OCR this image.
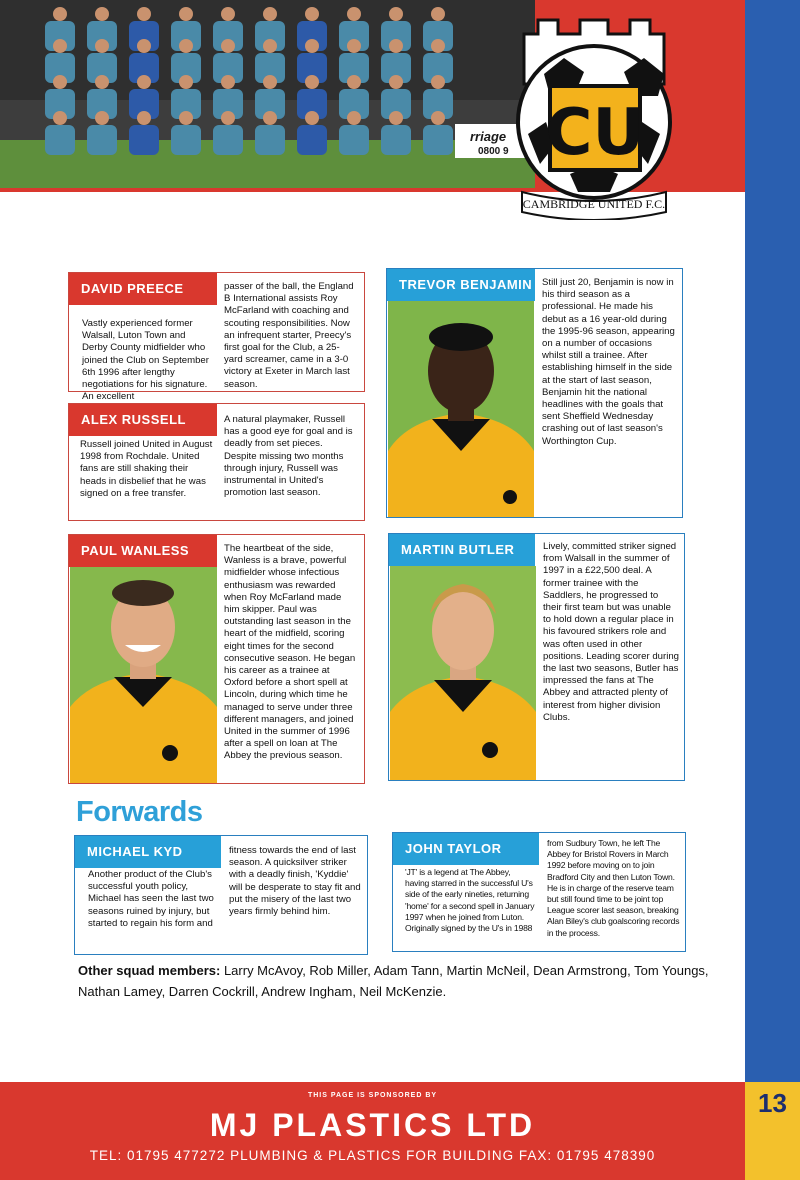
rriage
0800 9 CU
CAMBRIDGE UNITED F.C.
DAVID PREECE
Vastly experienced former Walsall, Luton Town and Derby County midfielder who joined the Club on September 6th 1996 after lengthy negotiations for his signature. An excellent
passer of the ball, the England B International assists Roy McFarland with coaching and scouting responsibilities. Now an infrequent starter, Preecy's first goal for the Club, a 25-yard screamer, came in a 3-0 victory at Exeter in March last season.
ALEX RUSSELL
Russell joined United in August 1998 from Rochdale. United fans are still shaking their heads in disbelief that he was signed on a free transfer.
A natural playmaker, Russell has a good eye for goal and is deadly from set pieces. Despite missing two months through injury, Russell was instrumental in United's promotion last season.
TREVOR BENJAMIN Still just 20, Benjamin is now in his third season as a professional. He made his debut as a 16 year-old during the 1995-96 season, appearing on a number of occasions whilst still a trainee. After establishing himself in the side at the start of last season, Benjamin hit the national headlines with the goals that sent Sheffield Wednesday crashing out of last season's Worthington Cup.
PAUL WANLESS	The heartbeat of the side, Wanless is a brave, powerful midfielder whose infectious enthusiasm was rewarded when Roy McFarland made him skipper. Paul was outstanding last season in the heart of the midfield, scoring eight times for the second consecutive season. He began his career as a trainee at Oxford before a short spell at Lincoln, during which time he managed to serve under three different managers, and joined United in the summer of 1996 after a spell on loan at The Abbey the previous season.
MARTIN BUTLER	Lively, committed striker signed from Walsall in the summer of 1997 in a £22,500 deal. A former trainee with the Saddlers, he progressed to their first team but was unable to hold down a regular place in his favoured strikers role and was often used in other positions. Leading scorer during the last two seasons, Butler has impressed the fans at The Abbey and attracted plenty of interest from higher division Clubs.
Forwards
MICHAEL KYD
Another product of the Club's successful youth policy, Michael has seen the last two seasons ruined by injury, but started to regain his form and
fitness towards the end of last season. A quicksilver striker with a deadly finish, 'Kyddie' will be desperate to stay fit and put the misery of the last two years firmly behind him.
JOHN TAYLOR
'JT' is a legend at The Abbey, having starred in the successful U's side of the early nineties, returning 'home' for a second spell in January 1997 when he joined from Luton. Originally signed by the U's in 1988
from Sudbury Town, he left The Abbey for Bristol Rovers in March 1992 before moving on to join Bradford City and then Luton Town. He is in charge of the reserve team but still found time to be joint top League scorer last season, breaking Alan Biley's club goalscoring records in the process.
Other squad members: Larry McAvoy, Rob Miller, Adam Tann, Martin McNeil, Dean Armstrong, Tom Youngs, Nathan Lamey, Darren Cockrill, Andrew Ingham, Neil McKenzie.
THIS PAGE IS SPONSORED BY
MJ PLASTICS LTD
TEL: 01795 477272 PLUMBING & PLASTICS FOR BUILDING FAX: 01795 478390
13
